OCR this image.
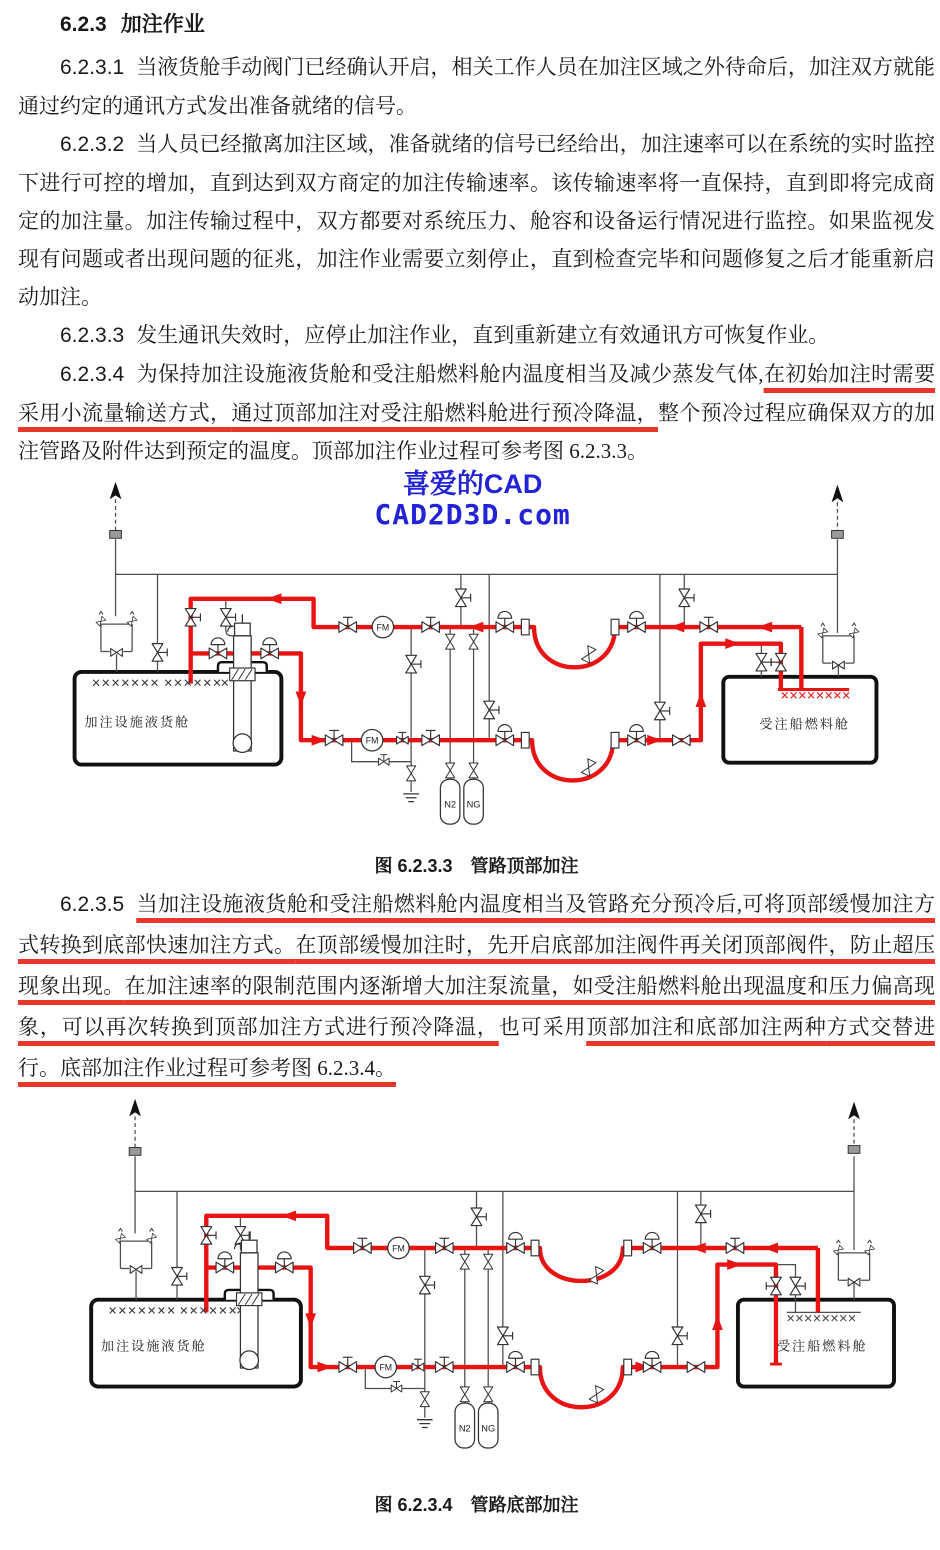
6.2.3 加注作业

6.2.3.1 当液货舱手动阀门已经确认开启，相关工作人员在加注区域之外待命后，加注双方就能通过约定的通讯方式发出准备就绪的信号。

6.2.3.2 当人员已经撤离加注区域，准备就绪的信号已经给出，加注速率可以在系统的实时监控下进行可控的增加，直到达到双方商定的加注传输速率。该传输速率将一直保持，直到即将完成商定的加注量。加注传输过程中，双方都要对系统压力、舱容和设备运行情况进行监控。如果监视发现有问题或者出现问题的征兆，加注作业需要立刻停止，直到检查完毕和问题修复之后才能重新启动加注。

6.2.3.3 发生通讯失效时，应停止加注作业，直到重新建立有效通讯方可恢复作业。

6.2.3.4 为保持加注设施液货舱和受注船燃料舱内温度相当及减少蒸发气体,在初始加注时需要采用小流量输送方式，通过顶部加注对受注船燃料舱进行预冷降温，整个预冷过程应确保双方的加注管路及附件达到预定的温度。顶部加注作业过程可参考图 6.2.3.3。

喜爱的CAD
CAD2D3D.com
N2 NG
加注设施液货舱	受注船燃料舱
图 6.2.3.3　管路顶部加注

6.2.3.5 当加注设施液货舱和受注船燃料舱内温度相当及管路充分预冷后,可将顶部缓慢加注方式转换到底部快速加注方式。在顶部缓慢加注时，先开启底部加注阀件再关闭顶部阀件，防止超压现象出现。在加注速率的限制范围内逐渐增大加注泵流量，如受注船燃料舱出现温度和压力偏高现象，可以再次转换到顶部加注方式进行预冷降温，也可采用顶部加注和底部加注两种方式交替进行。底部加注作业过程可参考图 6.2.3.4。

N2 NG
加注设施液货舱	受注船燃料舱
图 6.2.3.4　管路底部加注
